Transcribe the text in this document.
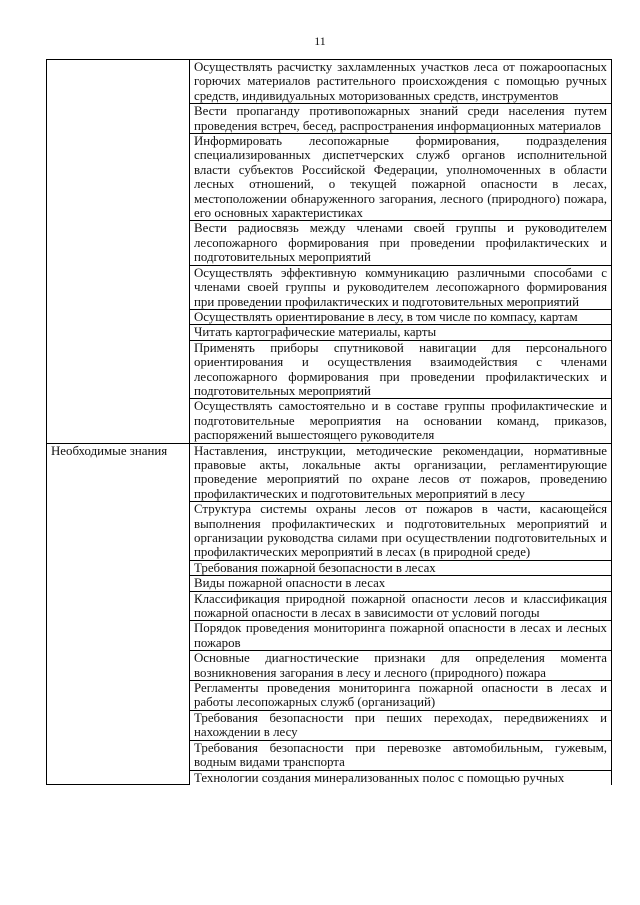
11
	Осуществлять расчистку захламленных участков леса от пожароопасных горючих материалов растительного происхождения с помощью ручных средств, индивидуальных моторизованных средств, инструментов
	Вести пропаганду противопожарных знаний среди населения путем проведения встреч, бесед, распространения информационных материалов
	Информировать лесопожарные формирования, подразделения специализированных диспетчерских служб органов исполнительной власти субъектов Российской Федерации, уполномоченных в области лесных отношений, о текущей пожарной опасности в лесах, местоположении обнаруженного загорания, лесного (природного) пожара, его основных характеристиках
	Вести радиосвязь между членами своей группы и руководителем лесопожарного формирования при проведении профилактических и подготовительных мероприятий
	Осуществлять эффективную коммуникацию различными способами с членами своей группы и руководителем лесопожарного формирования при проведении профилактических и подготовительных мероприятий
	Осуществлять ориентирование в лесу, в том числе по компасу, картам
	Читать картографические материалы, карты
	Применять приборы спутниковой навигации для персонального ориентирования и осуществления взаимодействия с членами лесопожарного формирования при проведении профилактических и подготовительных мероприятий
	Осуществлять самостоятельно и в составе группы профилактические и подготовительные мероприятия на основании команд, приказов, распоряжений вышестоящего руководителя
Необходимые знания	Наставления, инструкции, методические рекомендации, нормативные правовые акты, локальные акты организации, регламентирующие проведение мероприятий по охране лесов от пожаров, проведению профилактических и подготовительных мероприятий в лесу
	Структура системы охраны лесов от пожаров в части, касающейся выполнения профилактических и подготовительных мероприятий и организации руководства силами при осуществлении подготовительных и профилактических мероприятий в лесах (в природной среде)
	Требования пожарной безопасности в лесах
	Виды пожарной опасности в лесах
	Классификация природной пожарной опасности лесов и классификация пожарной опасности в лесах в зависимости от условий погоды
	Порядок проведения мониторинга пожарной опасности в лесах и лесных пожаров
	Основные диагностические признаки для определения момента возникновения загорания в лесу и лесного (природного) пожара
	Регламенты проведения мониторинга пожарной опасности в лесах и работы лесопожарных служб (организаций)
	Требования безопасности при пеших переходах, передвижениях и нахождении в лесу
	Требования безопасности при перевозке автомобильным, гужевым, водным видами транспорта
	Технологии создания минерализованных полос с помощью ручных
